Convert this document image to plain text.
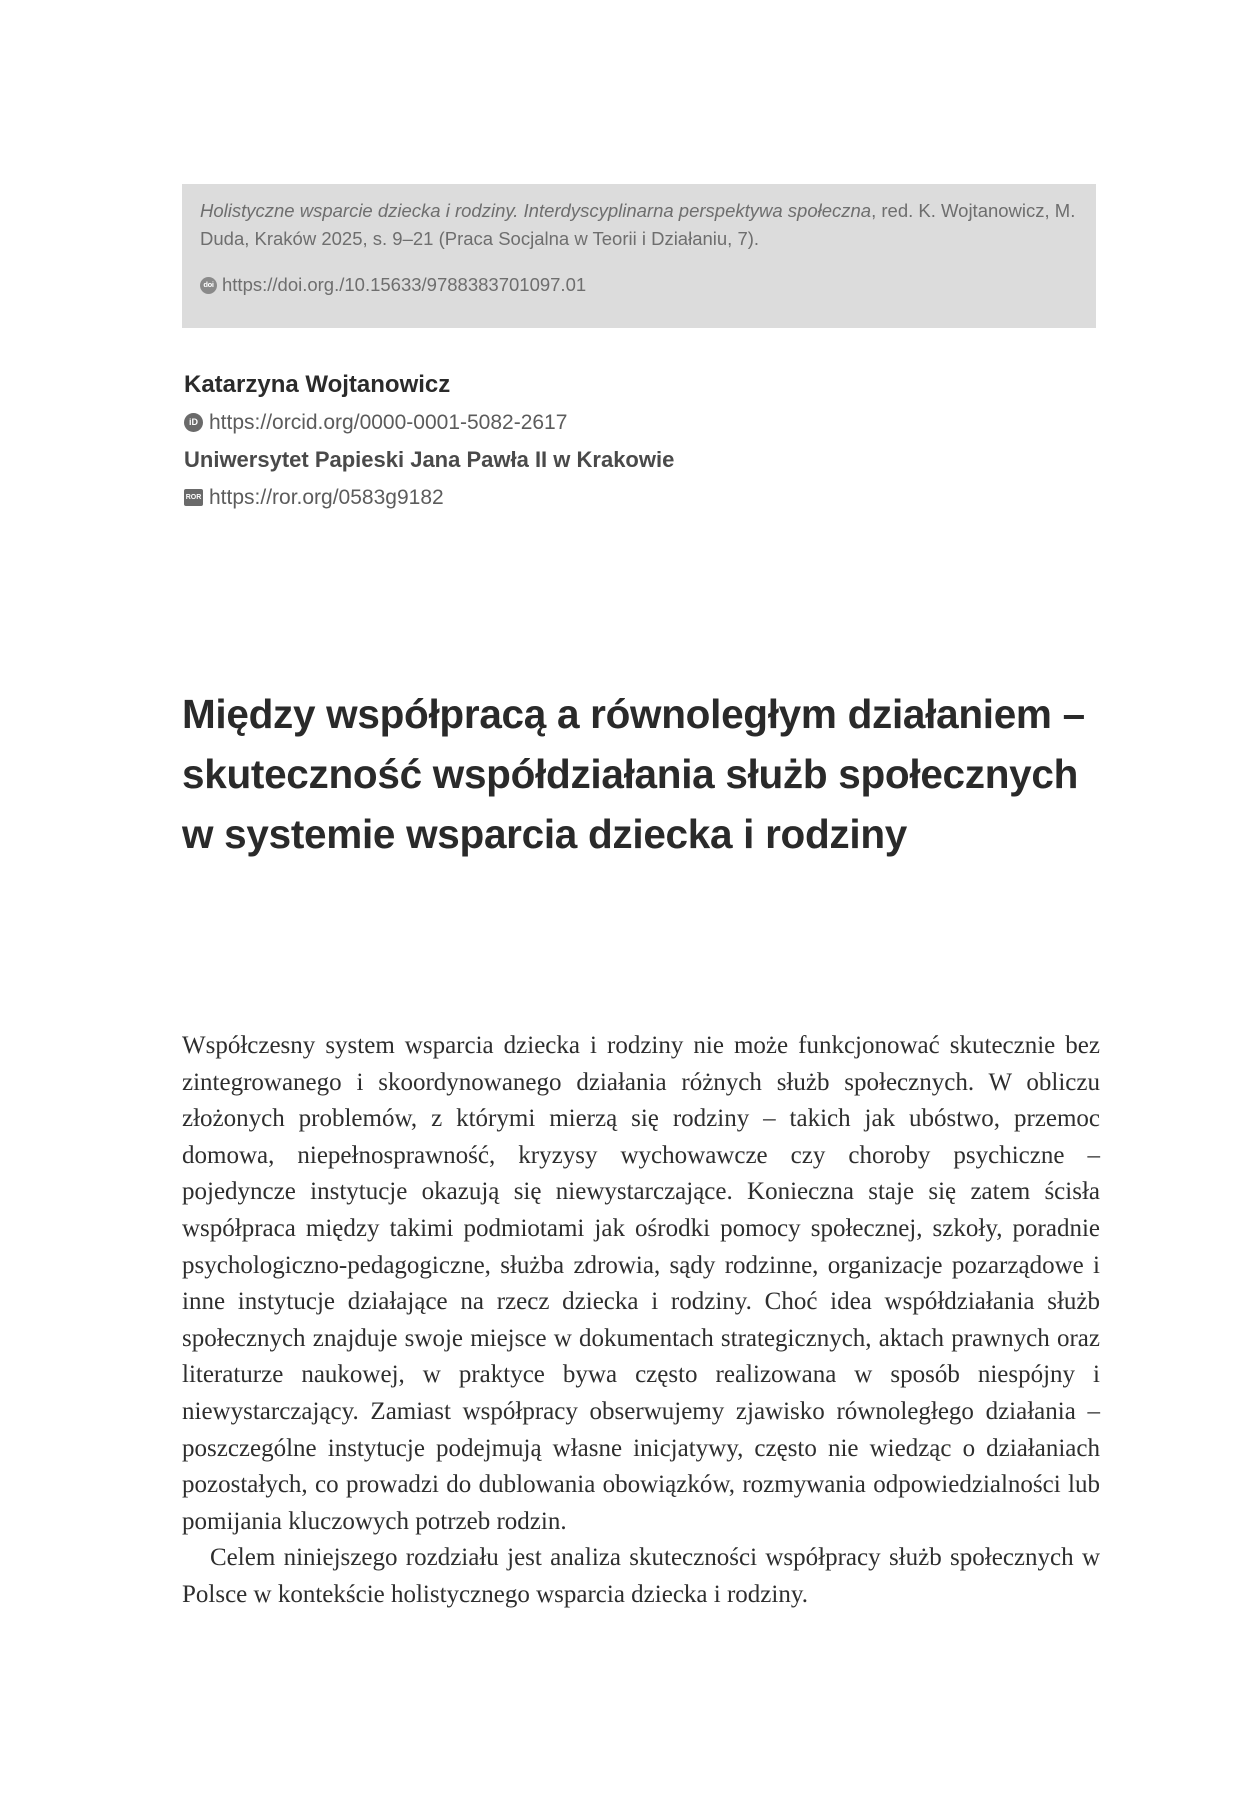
Holistyczne wsparcie dziecka i rodziny. Interdyscyplinarna perspektywa społeczna, red. K. Wojtanowicz, M. Duda, Kraków 2025, s. 9–21 (Praca Socjalna w Teorii i Działaniu, 7).
doi https://doi.org./10.15633/9788383701097.01
Katarzyna Wojtanowicz
iD https://orcid.org/0000-0001-5082-2617
Uniwersytet Papieski Jana Pawła II w Krakowie
ROR https://ror.org/0583g9182
Między współpracą a równoległym działaniem – skuteczność współdziałania służb społecznych w systemie wsparcia dziecka i rodziny

Współczesny system wsparcia dziecka i rodziny nie może funkcjonować skutecznie bez zintegrowanego i skoordynowanego działania różnych służb społecznych. W obliczu złożonych problemów, z którymi mierzą się rodziny – takich jak ubóstwo, przemoc domowa, niepełnosprawność, kryzysy wychowawcze czy choroby psychiczne – pojedyncze instytucje okazują się niewystarczające. Konieczna staje się zatem ścisła współpraca między takimi podmiotami jak ośrodki pomocy społecznej, szkoły, poradnie psychologiczno-pedagogiczne, służba zdrowia, sądy rodzinne, organizacje pozarządowe i inne instytucje działające na rzecz dziecka i rodziny. Choć idea współdziałania służb społecznych znajduje swoje miejsce w dokumentach strategicznych, aktach prawnych oraz literaturze naukowej, w praktyce bywa często realizowana w sposób niespójny i niewystarczający. Zamiast współpracy obserwujemy zjawisko równoległego działania – poszczególne instytucje podejmują własne inicjatywy, często nie wiedząc o działaniach pozostałych, co prowadzi do dublowania obowiązków, rozmywania odpowiedzialności lub pomijania kluczowych potrzeb rodzin.

Celem niniejszego rozdziału jest analiza skuteczności współpracy służb społecznych w Polsce w kontekście holistycznego wsparcia dziecka i rodziny.
